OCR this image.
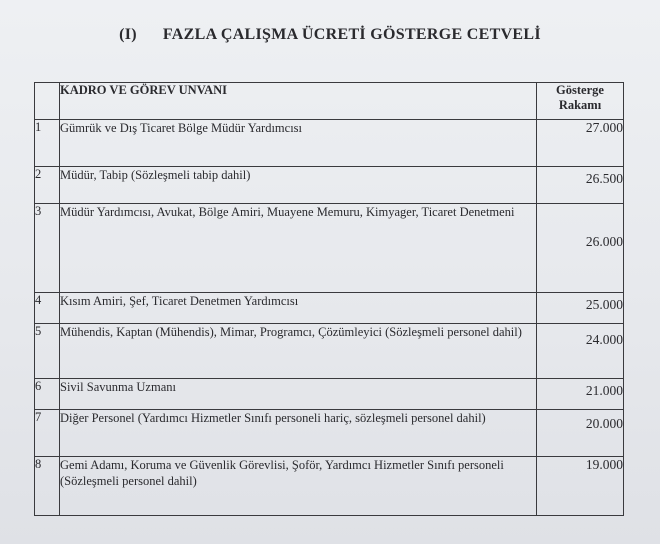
(I) FAZLA ÇALIŞMA ÜCRETİ GÖSTERGE CETVELİ
	KADRO VE GÖREV UNVANI	Gösterge
Rakamı
1	Gümrük ve Dış Ticaret Bölge Müdür Yardımcısı	27.000
2	Müdür, Tabip (Sözleşmeli tabip dahil)	26.500
3	Müdür Yardımcısı, Avukat, Bölge Amiri, Muayene Memuru, Kimyager, Ticaret Denetmeni	26.000
4	Kısım Amiri, Şef, Ticaret Denetmen Yardımcısı	25.000
5	Mühendis, Kaptan (Mühendis), Mimar, Programcı, Çözümleyici (Sözleşmeli personel dahil)	24.000
6	Sivil Savunma Uzmanı	21.000
7	Diğer Personel (Yardımcı Hizmetler Sınıfı personeli hariç, sözleşmeli personel dahil)	20.000
8	Gemi Adamı, Koruma ve Güvenlik Görevlisi, Şoför, Yardımcı Hizmetler Sınıfı personeli (Sözleşmeli personel dahil)	19.000
